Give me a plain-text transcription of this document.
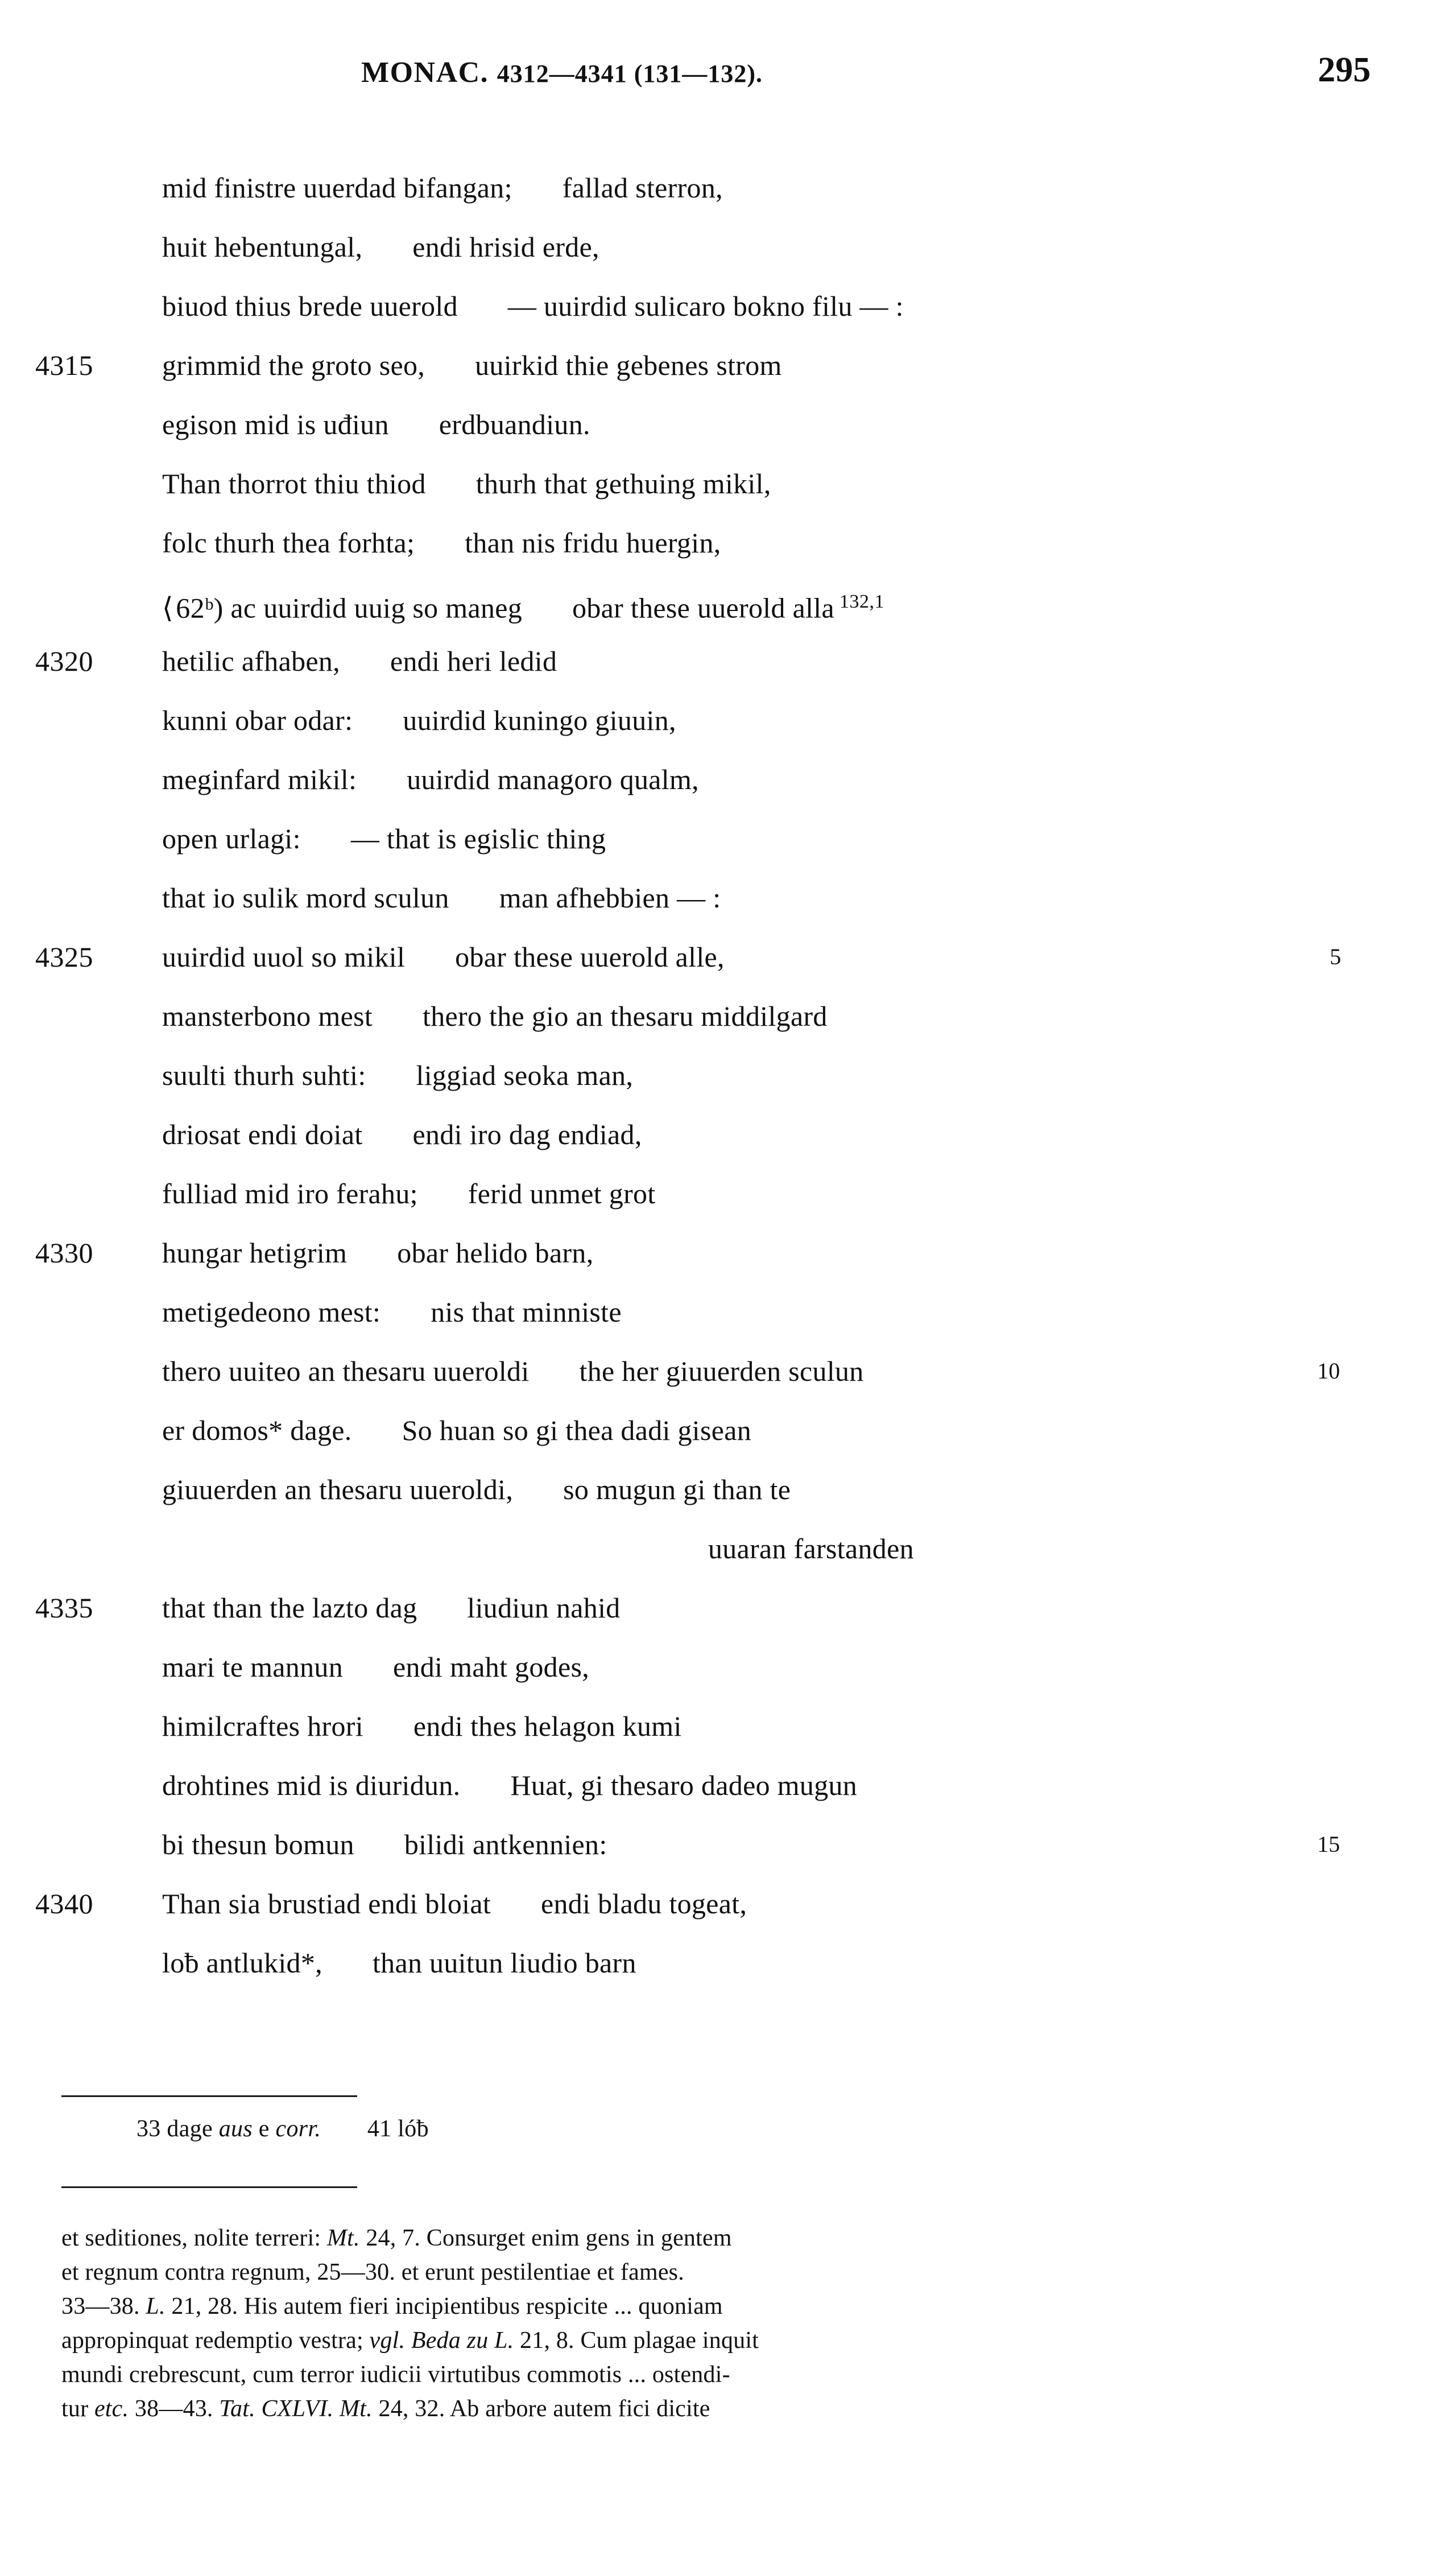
MONAC. 4312—4341 (131—132).	295
mid finistre uuerdad bifangan; fallad sterron,
huit hebentungal, endi hrisid erde,
biuod thius brede uuerold — uuirdid sulicaro bokno filu — :
4315	grimmid the groto seo, uuirkid thie gebenes strom
egison mid is uđiun erdbuandiun.
Than thorrot thiu thiod thurh that gethuing mikil,
folc thurh thea forhta; than nis fridu huergin,
⟨ 62ᵇ) ac uuirdid uuig so maneg obar these uuerold alla $^{132,1}$
4320	hetilic afhaben, endi heri ledid
kunni obar odar: uuirdid kuningo giuuin,
meginfard mikil: uuirdid managoro qualm,
open urlagi: — that is egislic thing
that io sulik mord sculun man afhebbien — :
4325	uuirdid uuol so mikil obar these uuerold alle,	5
mansterbono mest thero the gio an thesaru middilgard
suulti thurh suhti: liggiad seoka man,
driosat endi doiat endi iro dag endiad,
fulliad mid iro ferahu; ferid unmet grot
4330	hungar hetigrim obar helido barn,
metigedeono mest: nis that minniste
thero uuiteo an thesaru uueroldi the her giuuerden sculun	10
er domos* dage. So huan so gi thea dadi gisean
giuuerden an thesaru uueroldi, so mugun gi than te
uuaran farstanden
4335	that than the lazto dag liudiun nahid
mari te mannun endi maht godes,
himilcraftes hrori endi thes helagon kumi
drohtines mid is diuridun. Huat, gi thesaro dadeo mugun
bi thesun bomun bilidi antkennien:	15
4340	Than sia brustiad endi bloiat endi bladu togeat,
loƀ antlukid*, than uuitun liudio barn
33 dage aus e corr. 41 lóƀ
et seditiones, nolite terreri: Mt. 24, 7. Consurget enim gens in gentem
et regnum contra regnum, 25—30. et erunt pestilentiae et fames.
33—38. L. 21, 28. His autem fieri incipientibus respicite ... quoniam
appropinquat redemptio vestra; vgl. Beda zu L. 21, 8. Cum plagae inquit
mundi crebrescunt, cum terror iudicii virtutibus commotis ... ostendi-
tur etc. 38—43. Tat. CXLVI. Mt. 24, 32. Ab arbore autem fici dicite
